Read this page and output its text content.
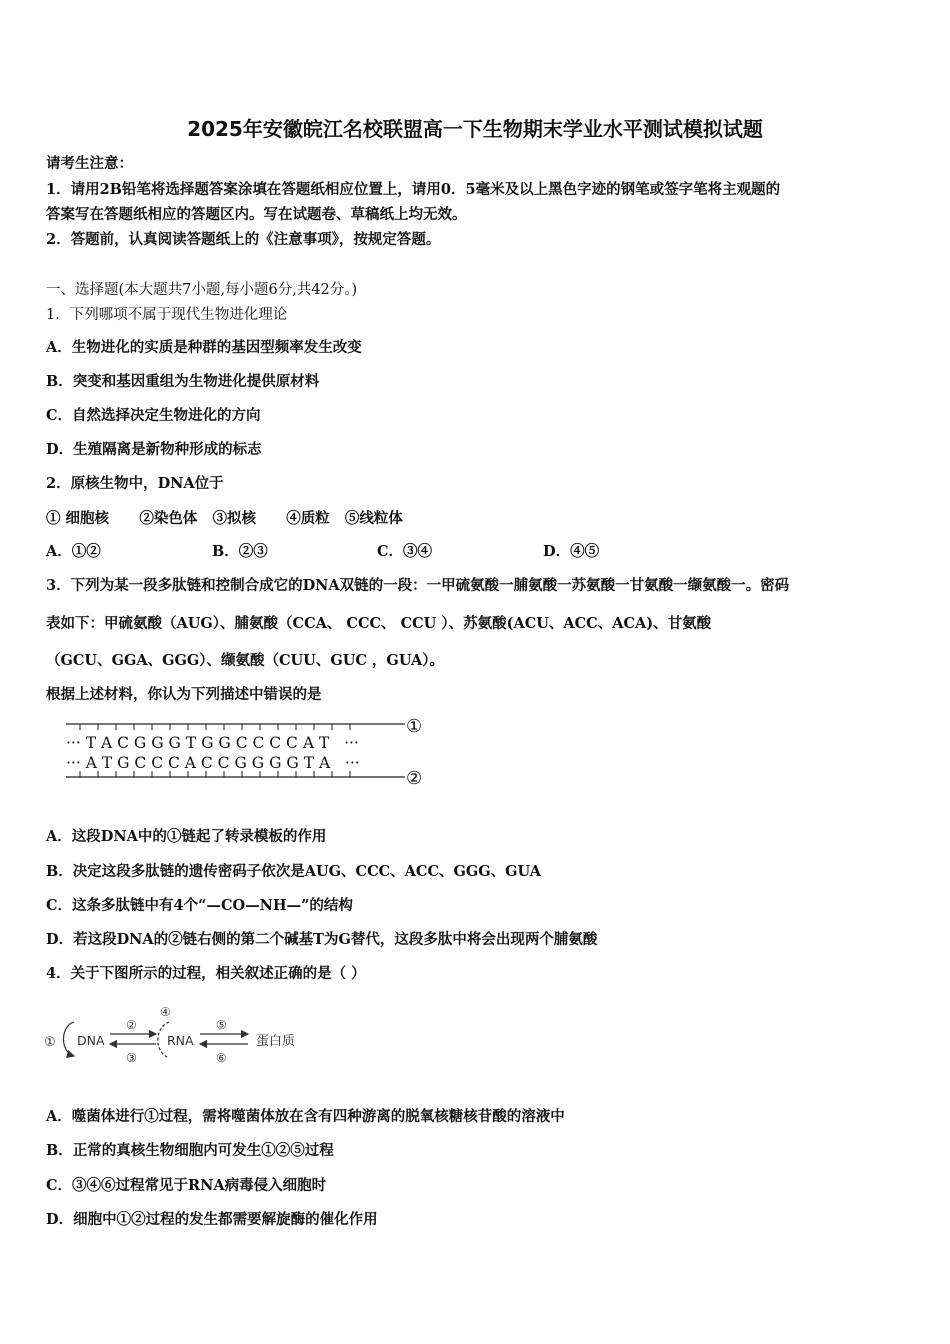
2025年安徽皖江名校联盟高一下生物期末学业水平测试模拟试题
请考生注意：
1．请用2B铅笔将选择题答案涂填在答题纸相应位置上，请用0．5毫米及以上黑色字迹的钢笔或签字笔将主观题的
答案写在答题纸相应的答题区内。写在试题卷、草稿纸上均无效。
2．答题前，认真阅读答题纸上的《注意事项》，按规定答题。
一、选择题(本大题共7小题,每小题6分,共42分。)
1．下列哪项不属于现代生物进化理论
A．生物进化的实质是种群的基因型频率发生改变
B．突变和基因重组为生物进化提供原材料
C．自然选择决定生物进化的方向
D．生殖隔离是新物种形成的标志
2．原核生物中，DNA位于
① 细胞核      ②染色体   ③拟核      ④质粒   ⑤线粒体
A．①②	B．②③	C．③④	D．④⑤
3．下列为某一段多肽链和控制合成它的DNA双链的一段：一甲硫氨酸一脯氨酸一苏氨酸一甘氨酸一缬氨酸一。密码
表如下：甲硫氨酸（AUG）、脯氨酸（CCA、 CCC、 CCU ）、苏氨酸(ACU、ACC、ACA)、甘氨酸
（GCU、GGA、GGG）、缬氨酸（CUU、GUC ，GUA）。
根据上述材料，你认为下列描述中错误的是
··· T A C G G G T G G C C C C A T   ···
··· A T G C C C A C C G G G G T A   ···
①
②
A．这段DNA中的①链起了转录模板的作用
B．决定这段多肽链的遗传密码子依次是AUG、CCC、ACC、GGG、GUA
C．这条多肽链中有4个“—CO—NH—”的结构
D．若这段DNA的②链右侧的第二个碱基T为G替代，这段多肽中将会出现两个脯氨酸
4．关于下图所示的过程，相关叙述正确的是（ ）
① DNA
②
③
④
RNA
⑤
⑥
蛋白质
A．噬菌体进行①过程，需将噬菌体放在含有四种游离的脱氧核糖核苷酸的溶液中
B．正常的真核生物细胞内可发生①②⑤过程
C．③④⑥过程常见于RNA病毒侵入细胞时
D．细胞中①②过程的发生都需要解旋酶的催化作用
